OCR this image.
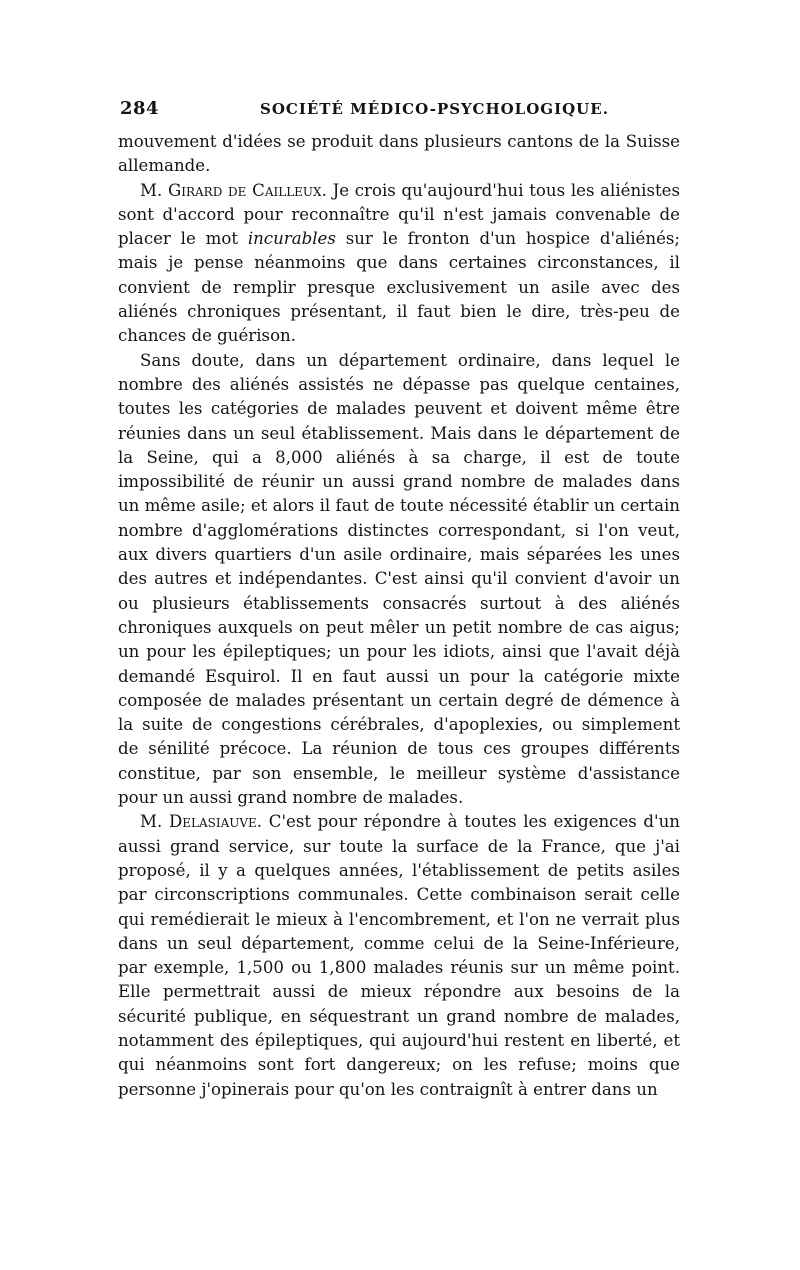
284	SOCIÉTÉ MÉDICO-PSYCHOLOGIQUE.

mouvement d'idées se produit dans plusieurs cantons de la Suisse allemande.

M. Girard de Cailleux. Je crois qu'aujourd'hui tous les aliénistes sont d'accord pour reconnaître qu'il n'est jamais convenable de placer le mot incurables sur le fronton d'un hospice d'aliénés; mais je pense néanmoins que dans certaines circonstances, il convient de remplir presque exclusivement un asile avec des aliénés chroniques présentant, il faut bien le dire, très-peu de chances de guérison.

Sans doute, dans un département ordinaire, dans lequel le nombre des aliénés assistés ne dépasse pas quelque centaines, toutes les catégories de malades peuvent et doivent même être réunies dans un seul établissement. Mais dans le département de la Seine, qui a 8,000 aliénés à sa charge, il est de toute impossibilité de réunir un aussi grand nombre de malades dans un même asile; et alors il faut de toute nécessité établir un certain nombre d'agglomérations distinctes correspondant, si l'on veut, aux divers quartiers d'un asile ordinaire, mais séparées les unes des autres et indépendantes. C'est ainsi qu'il convient d'avoir un ou plusieurs établissements consacrés surtout à des aliénés chroniques auxquels on peut mêler un petit nombre de cas aigus; un pour les épileptiques; un pour les idiots, ainsi que l'avait déjà demandé Esquirol. Il en faut aussi un pour la catégorie mixte composée de malades présentant un certain degré de démence à la suite de congestions cérébrales, d'apoplexies, ou simplement de sénilité précoce. La réunion de tous ces groupes différents constitue, par son ensemble, le meilleur système d'assistance pour un aussi grand nombre de malades.

M. Delasiauve. C'est pour répondre à toutes les exigences d'un aussi grand service, sur toute la surface de la France, que j'ai proposé, il y a quelques années, l'établissement de petits asiles par circonscriptions communales. Cette combinaison serait celle qui remédierait le mieux à l'encombrement, et l'on ne verrait plus dans un seul département, comme celui de la Seine-Inférieure, par exemple, 1,500 ou 1,800 malades réunis sur un même point. Elle permettrait aussi de mieux répondre aux besoins de la sécurité publique, en séquestrant un grand nombre de malades, notamment des épileptiques, qui aujourd'hui restent en liberté, et qui néanmoins sont fort dangereux; on les refuse; moins que personne j'opinerais pour qu'on les contraignît à entrer dans un
